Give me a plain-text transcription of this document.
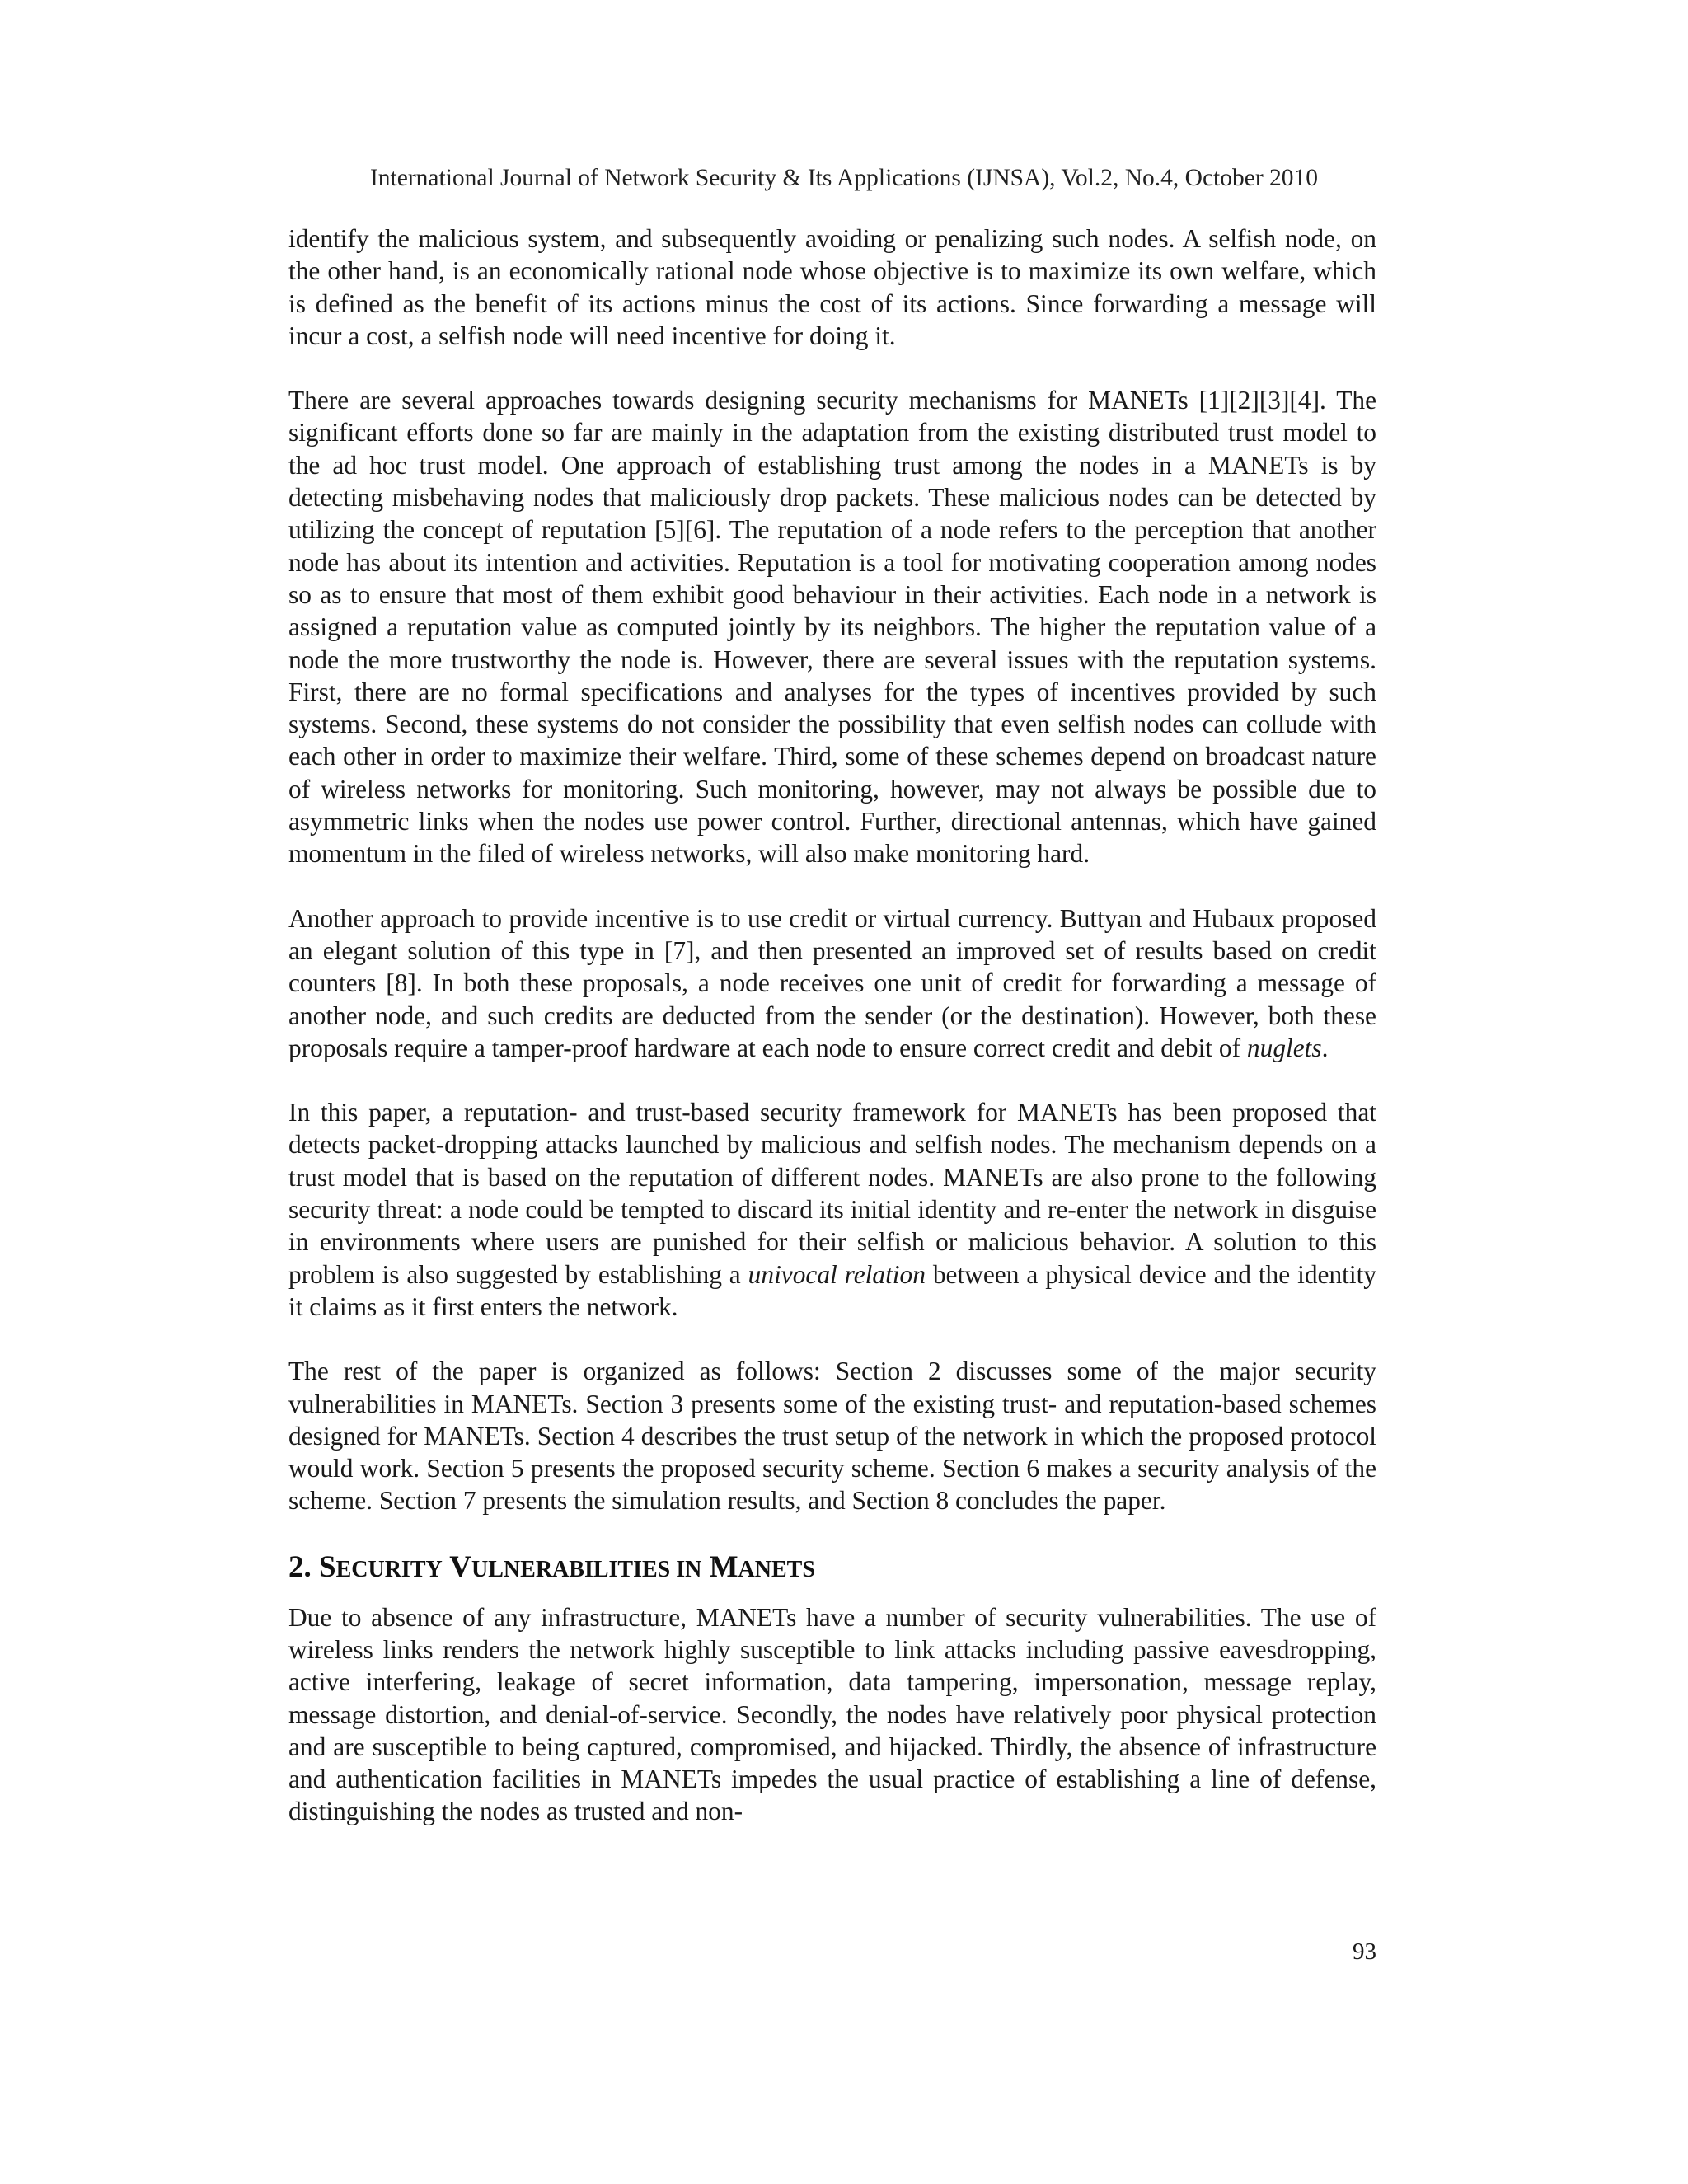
International Journal of Network Security & Its Applications (IJNSA), Vol.2, No.4, October 2010

identify the malicious system, and subsequently avoiding or penalizing such nodes. A selfish node, on the other hand, is an economically rational node whose objective is to maximize its own welfare, which is defined as the benefit of its actions minus the cost of its actions. Since forwarding a message will incur a cost, a selfish node will need incentive for doing it.

There are several approaches towards designing security mechanisms for MANETs [1][2][3][4]. The significant efforts done so far are mainly in the adaptation from the existing distributed trust model to the ad hoc trust model. One approach of establishing trust among the nodes in a MANETs is by detecting misbehaving nodes that maliciously drop packets. These malicious nodes can be detected by utilizing the concept of reputation [5][6]. The reputation of a node refers to the perception that another node has about its intention and activities. Reputation is a tool for motivating cooperation among nodes so as to ensure that most of them exhibit good behaviour in their activities. Each node in a network is assigned a reputation value as computed jointly by its neighbors. The higher the reputation value of a node the more trustworthy the node is. However, there are several issues with the reputation systems. First, there are no formal specifications and analyses for the types of incentives provided by such systems. Second, these systems do not consider the possibility that even selfish nodes can collude with each other in order to maximize their welfare. Third, some of these schemes depend on broadcast nature of wireless networks for monitoring. Such monitoring, however, may not always be possible due to asymmetric links when the nodes use power control. Further, directional antennas, which have gained momentum in the filed of wireless networks, will also make monitoring hard.

Another approach to provide incentive is to use credit or virtual currency. Buttyan and Hubaux proposed an elegant solution of this type in [7], and then presented an improved set of results based on credit counters [8]. In both these proposals, a node receives one unit of credit for forwarding a message of another node, and such credits are deducted from the sender (or the destination). However, both these proposals require a tamper-proof hardware at each node to ensure correct credit and debit of nuglets.

In this paper, a reputation- and trust-based security framework for MANETs has been proposed that detects packet-dropping attacks launched by malicious and selfish nodes. The mechanism depends on a trust model that is based on the reputation of different nodes. MANETs are also prone to the following security threat: a node could be tempted to discard its initial identity and re-enter the network in disguise in environments where users are punished for their selfish or malicious behavior. A solution to this problem is also suggested by establishing a univocal relation between a physical device and the identity it claims as it first enters the network.

The rest of the paper is organized as follows: Section 2 discusses some of the major security vulnerabilities in MANETs. Section 3 presents some of the existing trust- and reputation-based schemes designed for MANETs. Section 4 describes the trust setup of the network in which the proposed protocol would work. Section 5 presents the proposed security scheme. Section 6 makes a security analysis of the scheme. Section 7 presents the simulation results, and Section 8 concludes the paper.

2. SECURITY VULNERABILITIES IN MANETS

Due to absence of any infrastructure, MANETs have a number of security vulnerabilities. The use of wireless links renders the network highly susceptible to link attacks including passive eavesdropping, active interfering, leakage of secret information, data tampering, impersonation, message replay, message distortion, and denial-of-service. Secondly, the nodes have relatively poor physical protection and are susceptible to being captured, compromised, and hijacked. Thirdly, the absence of infrastructure and authentication facilities in MANETs impedes the usual practice of establishing a line of defense, distinguishing the nodes as trusted and non-

93
